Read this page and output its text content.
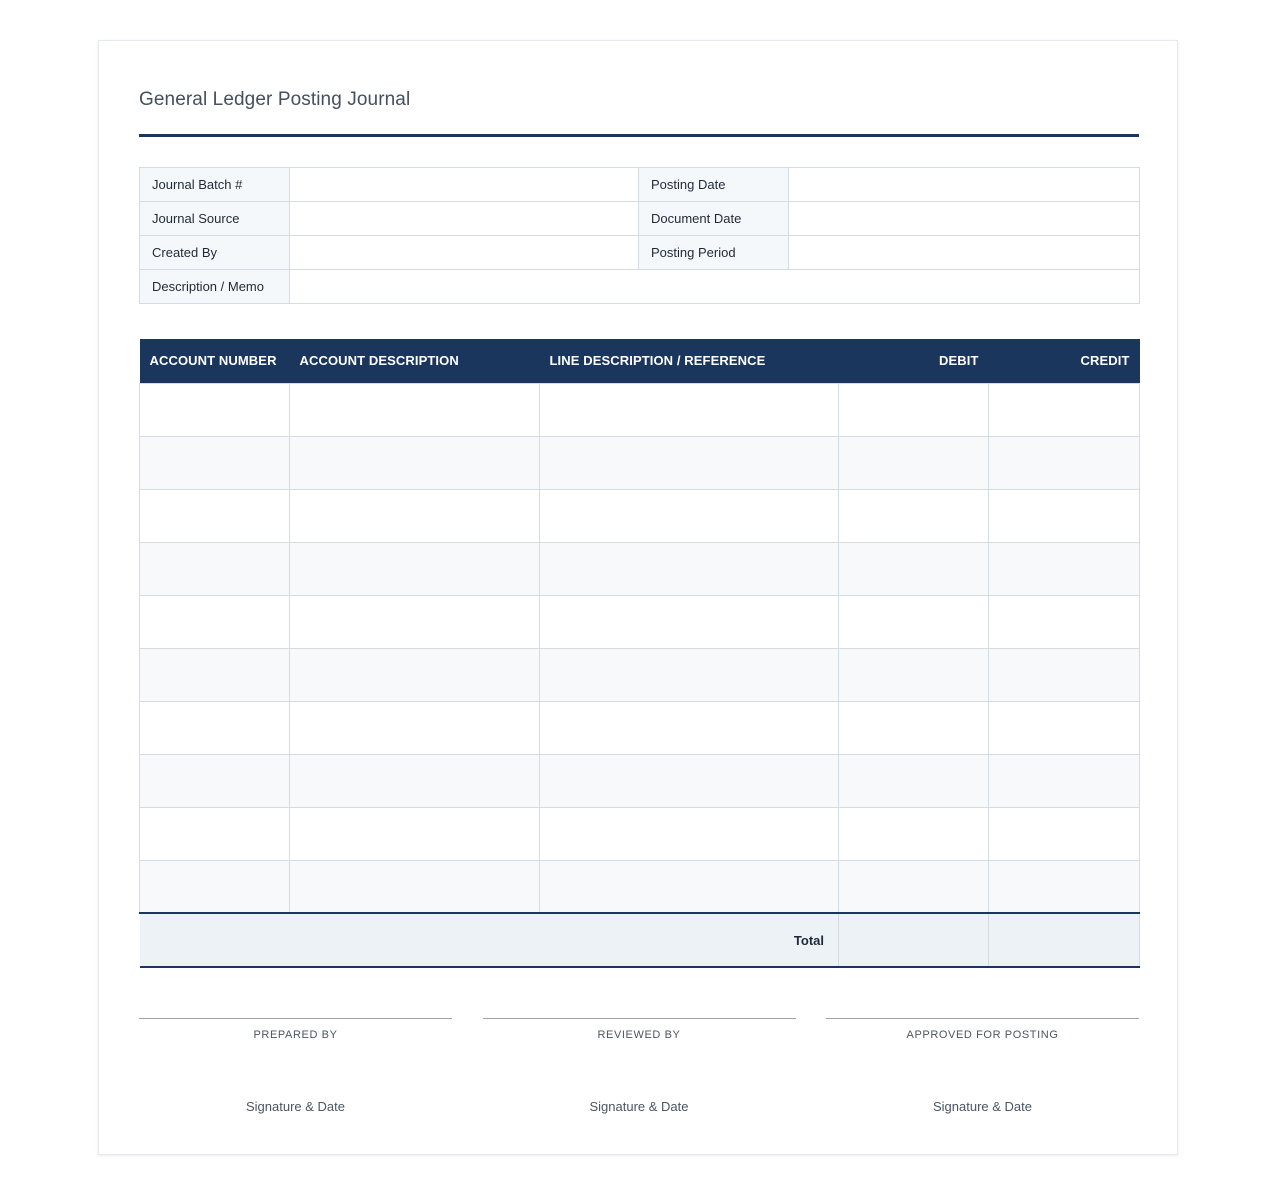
General Ledger Posting Journal
Journal Batch #		Posting Date	
Journal Source		Document Date	
Created By		Posting Period	
Description / Memo			
ACCOUNT NUMBER	ACCOUNT DESCRIPTION	LINE DESCRIPTION / REFERENCE	DEBIT	CREDIT

Total				
PREPARED BY
Signature & Date
REVIEWED BY
Signature & Date
APPROVED FOR POSTING
Signature & Date
